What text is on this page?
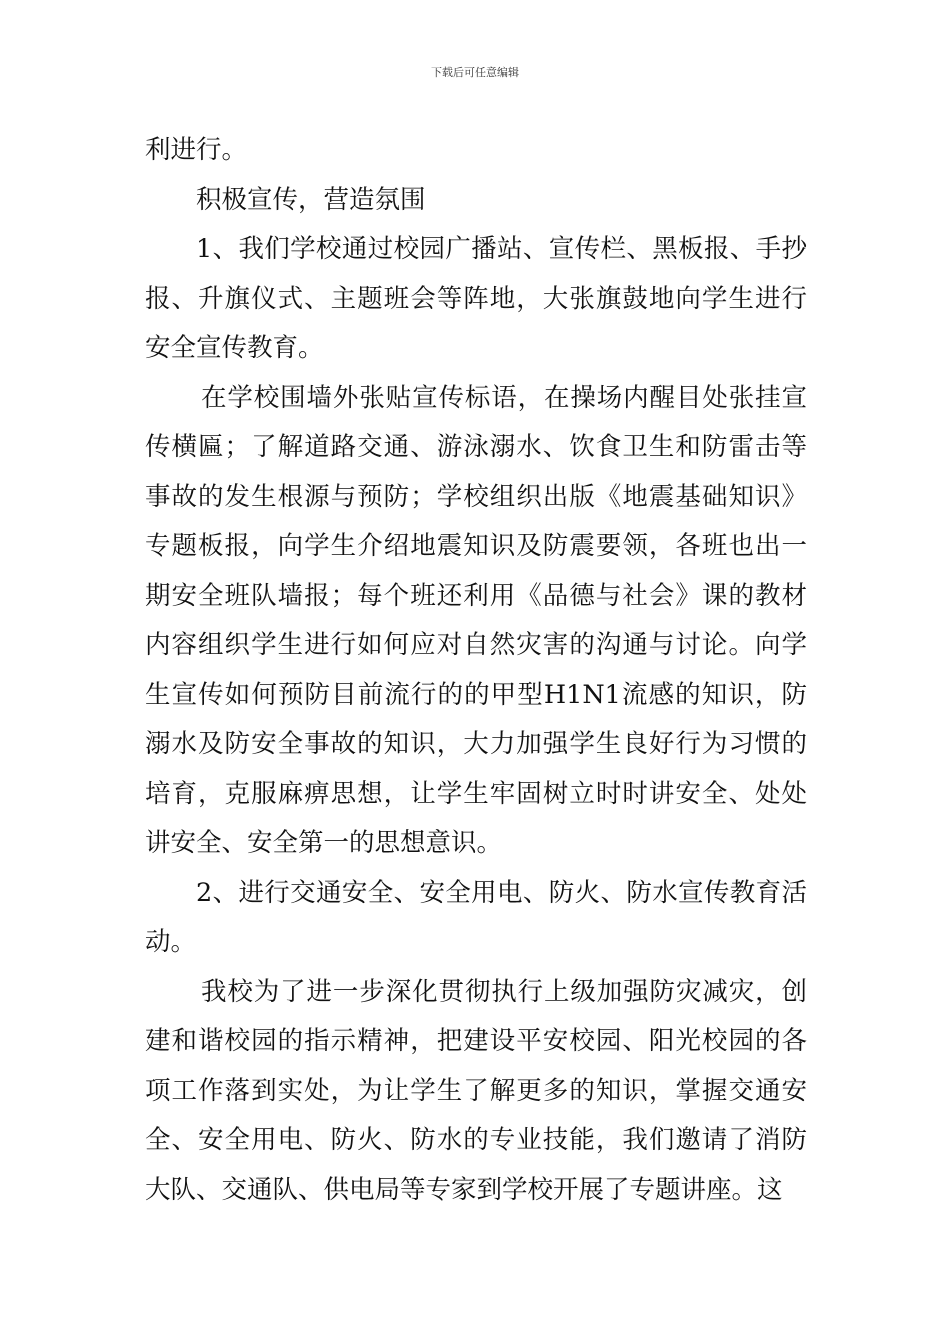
下载后可任意编辑

利进行。

积极宣传，营造氛围

1、我们学校通过校园广播站、宣传栏、黑板报、手抄报、升旗仪式、主题班会等阵地，大张旗鼓地向学生进行安全宣传教育。

在学校围墙外张贴宣传标语，在操场内醒目处张挂宣传横匾；了解道路交通、游泳溺水、饮食卫生和防雷击等事故的发生根源与预防；学校组织出版《地震基础知识》专题板报，向学生介绍地震知识及防震要领，各班也出一期安全班队墙报；每个班还利用《品德与社会》课的教材内容组织学生进行如何应对自然灾害的沟通与讨论。向学生宣传如何预防目前流行的的甲型H1N1流感的知识，防溺水及防安全事故的知识，大力加强学生良好行为习惯的培育，克服麻痹思想，让学生牢固树立时时讲安全、处处讲安全、安全第一的思想意识。

2、进行交通安全、安全用电、防火、防水宣传教育活动。

我校为了进一步深化贯彻执行上级加强防灾减灾，创建和谐校园的指示精神，把建设平安校园、阳光校园的各项工作落到实处，为让学生了解更多的知识，掌握交通安全、安全用电、防火、防水的专业技能，我们邀请了消防大队、交通队、供电局等专家到学校开展了专题讲座。这
